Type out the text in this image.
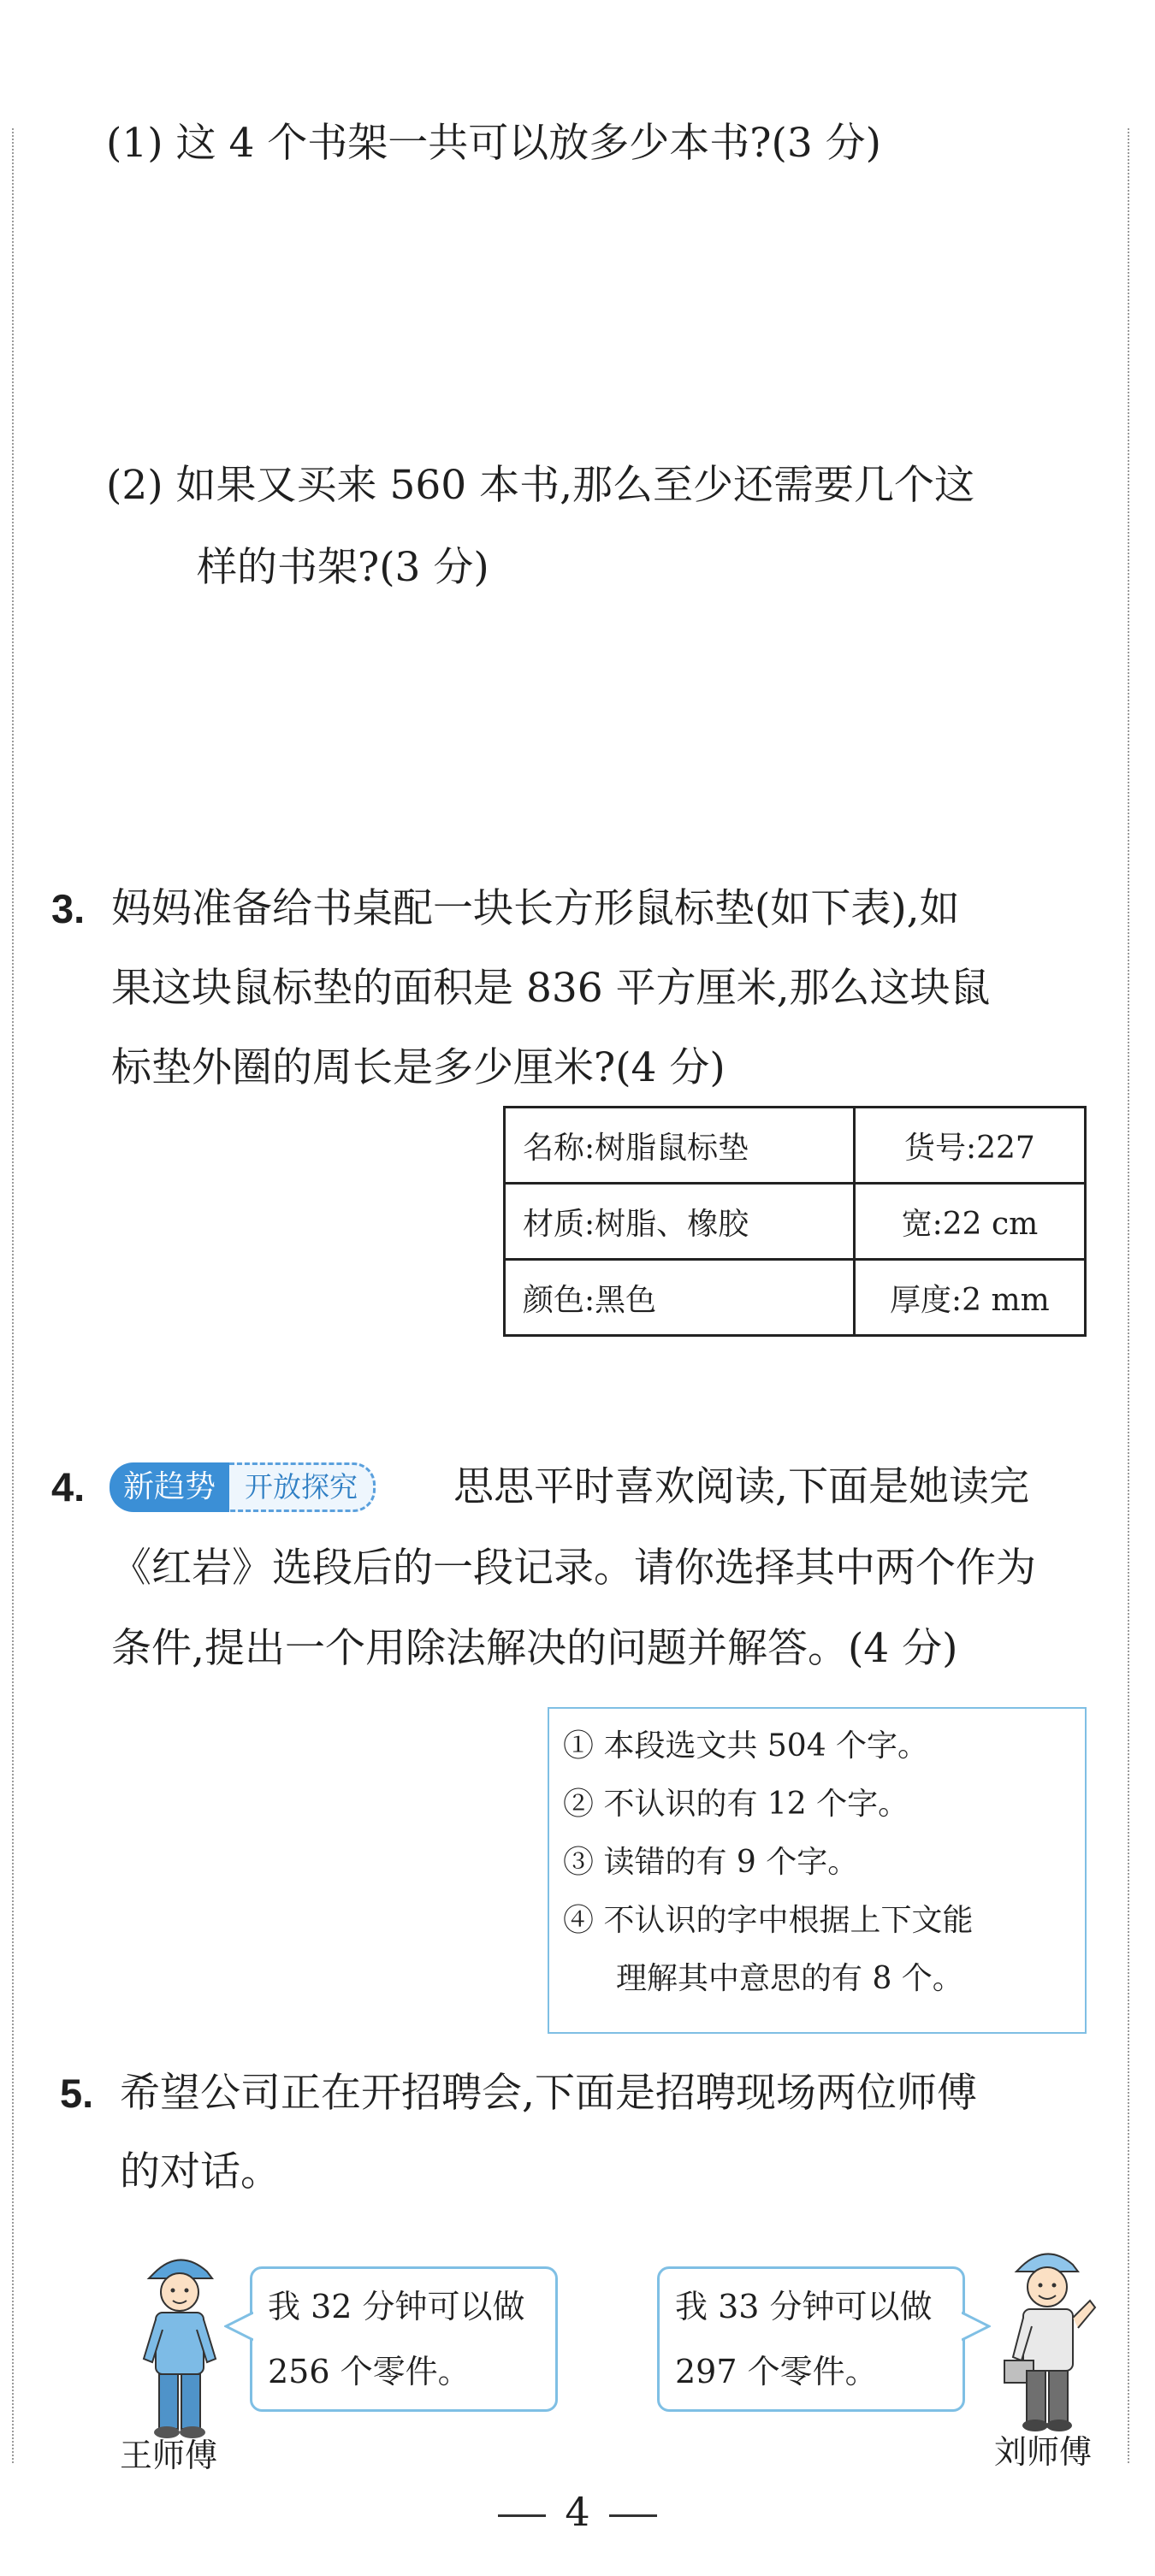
(1) 这 4 个书架一共可以放多少本书?(3 分)
(2) 如果又买来 560 本书,那么至少还需要几个这
样的书架?(3 分)
3. 妈妈准备给书桌配一块长方形鼠标垫(如下表),如
果这块鼠标垫的面积是 836 平方厘米,那么这块鼠
标垫外圈的周长是多少厘米?(4 分)
名称:树脂鼠标垫	货号:227
材质:树脂、橡胶	宽:22 cm
颜色:黑色	厚度:2 mm
4.	新趋势	开放探究	思思平时喜欢阅读,下面是她读完
《红岩》选段后的一段记录。请你选择其中两个作为
条件,提出一个用除法解决的问题并解答。(4 分)
① 本段选文共 504 个字。
② 不认识的有 12 个字。
③ 读错的有 9 个字。
④ 不认识的字中根据上下文能
理解其中意思的有 8 个。
5. 希望公司正在开招聘会,下面是招聘现场两位师傅
的对话。
王师傅
我 32 分钟可以做
256 个零件。
我 33 分钟可以做
297 个零件。
刘师傅
4
